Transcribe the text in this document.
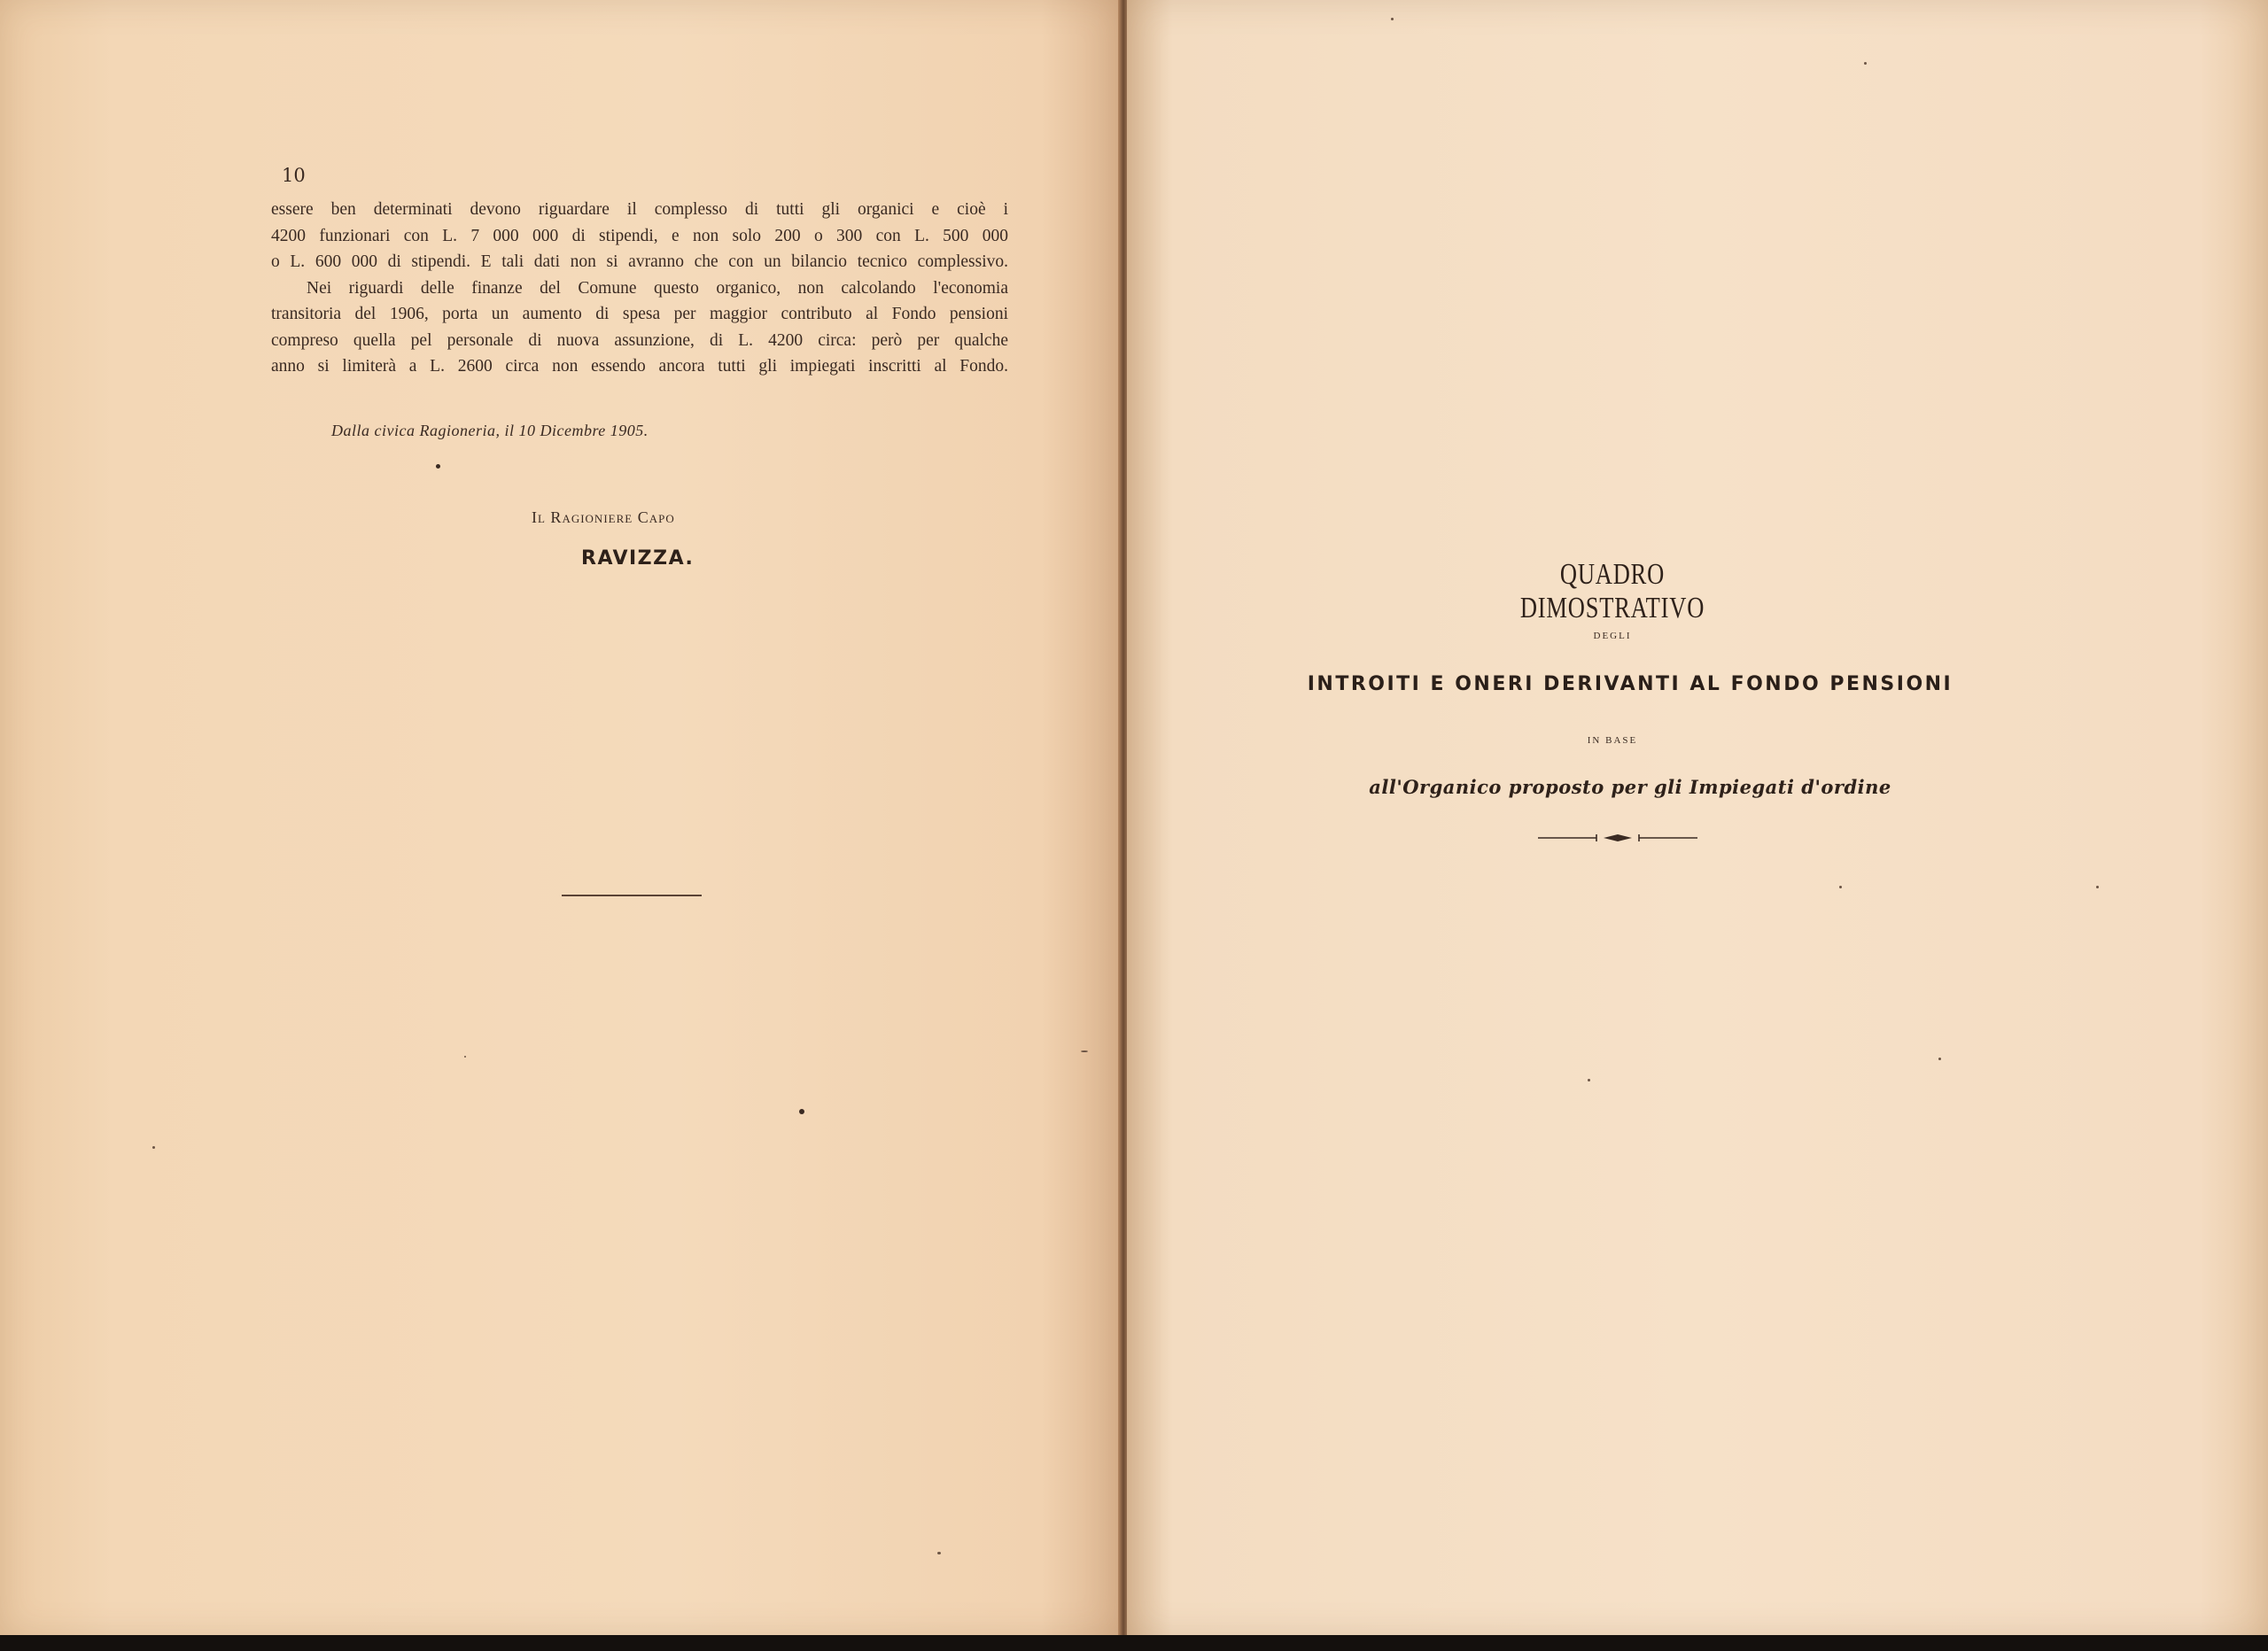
10

essere ben determinati devono riguardare il complesso di tutti gli organici e cioè i

4200 funzionari con L. 7 000 000 di stipendi, e non solo 200 o 300 con L. 500 000

o L. 600 000 di stipendi. E tali dati non si avranno che con un bilancio tecnico complessivo.

Nei riguardi delle finanze del Comune questo organico, non calcolando l'economia

transitoria del 1906, porta un aumento di spesa per maggior contributo al Fondo pensioni

compreso quella pel personale di nuova assunzione, di L. 4200 circa: però per qualche

anno si limiterà a L. 2600 circa non essendo ancora tutti gli impiegati inscritti al Fondo.

Dalla civica Ragioneria, il 10 Dicembre 1905.
Il Ragioniere Capo
RAVIZZA.	QUADRO DIMOSTRATIVO
DEGLI
INTROITI E ONERI DERIVANTI AL FONDO PENSIONI
IN BASE
all'Organico proposto per gli Impiegati d'ordine
